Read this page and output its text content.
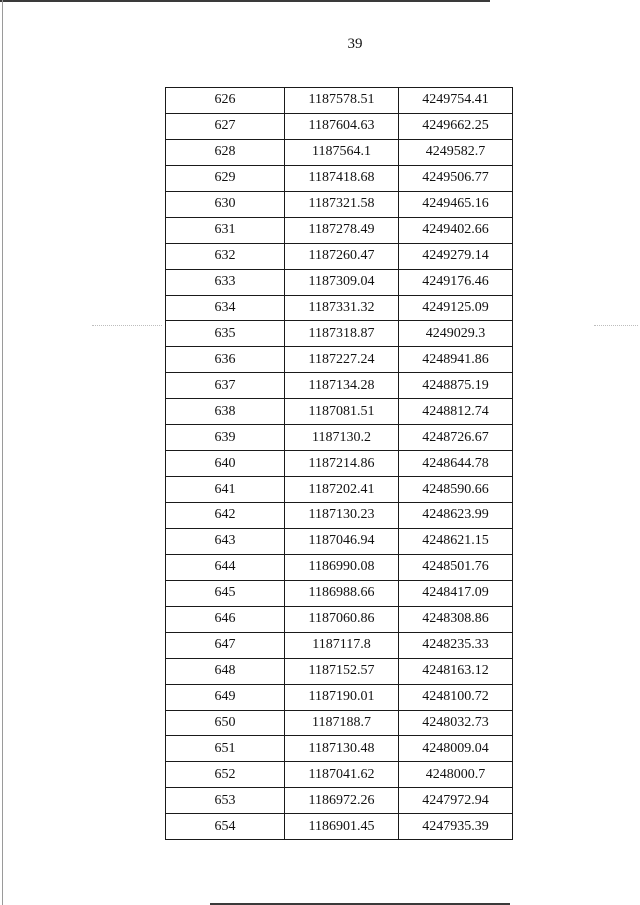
39
626	1187578.51	4249754.41
627	1187604.63	4249662.25
628	1187564.1	4249582.7
629	1187418.68	4249506.77
630	1187321.58	4249465.16
631	1187278.49	4249402.66
632	1187260.47	4249279.14
633	1187309.04	4249176.46
634	1187331.32	4249125.09
635	1187318.87	4249029.3
636	1187227.24	4248941.86
637	1187134.28	4248875.19
638	1187081.51	4248812.74
639	1187130.2	4248726.67
640	1187214.86	4248644.78
641	1187202.41	4248590.66
642	1187130.23	4248623.99
643	1187046.94	4248621.15
644	1186990.08	4248501.76
645	1186988.66	4248417.09
646	1187060.86	4248308.86
647	1187117.8	4248235.33
648	1187152.57	4248163.12
649	1187190.01	4248100.72
650	1187188.7	4248032.73
651	1187130.48	4248009.04
652	1187041.62	4248000.7
653	1186972.26	4247972.94
654	1186901.45	4247935.39
